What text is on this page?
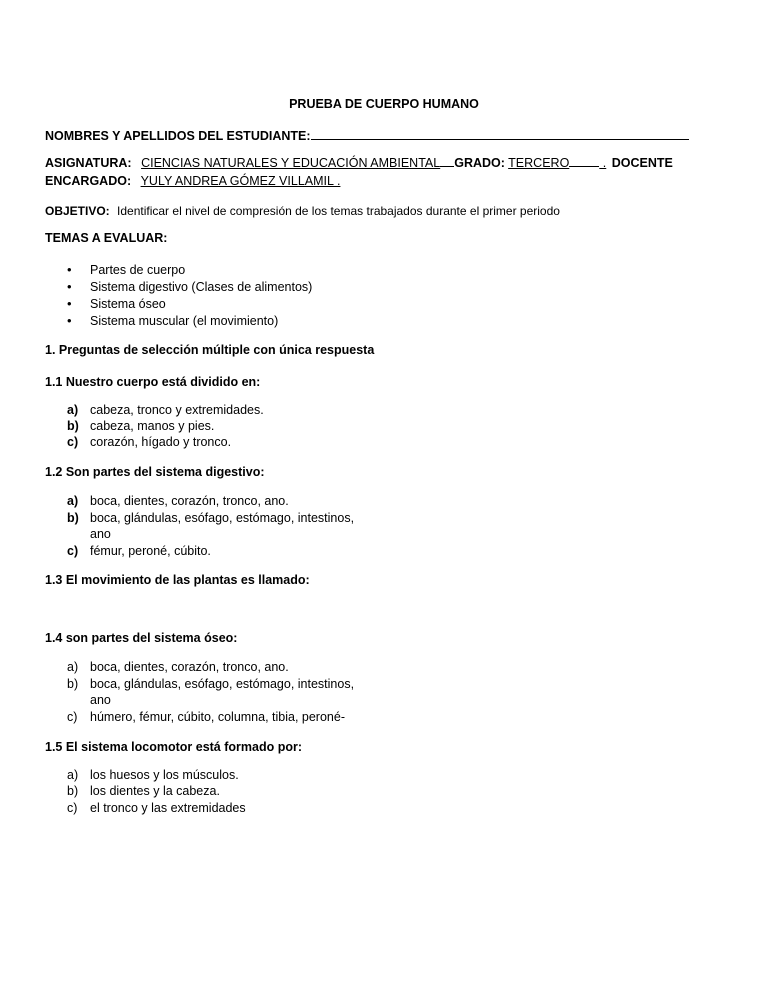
PRUEBA DE CUERPO HUMANO
NOMBRES Y APELLIDOS DEL ESTUDIANTE:
ASIGNATURA: CIENCIAS NATURALES Y EDUCACIÓN AMBIENTAL GRADO: TERCERO . DOCENTE
ENCARGADO: YULY ANDREA GÓMEZ VILLAMIL .
OBJETIVO: Identificar el nivel de compresión de los temas trabajados durante el primer periodo
TEMAS A EVALUAR:
• Partes de cuerpo
• Sistema digestivo (Clases de alimentos)
• Sistema óseo
• Sistema muscular (el movimiento)
1. Preguntas de selección múltiple con única respuesta
1.1 Nuestro cuerpo está dividido en:
a) cabeza, tronco y extremidades.
b) cabeza, manos y pies.
c) corazón, hígado y tronco.
1.2 Son partes del sistema digestivo:
a) boca, dientes, corazón, tronco, ano.
b) boca, glándulas, esófago, estómago, intestinos,
ano
c) fémur, peroné, cúbito.
1.3 El movimiento de las plantas es llamado:
1.4 son partes del sistema óseo:
a) boca, dientes, corazón, tronco, ano.
b) boca, glándulas, esófago, estómago, intestinos,
ano
c) húmero, fémur, cúbito, columna, tibia, peroné-
1.5 El sistema locomotor está formado por:
a) los huesos y los músculos.
b) los dientes y la cabeza.
c) el tronco y las extremidades
